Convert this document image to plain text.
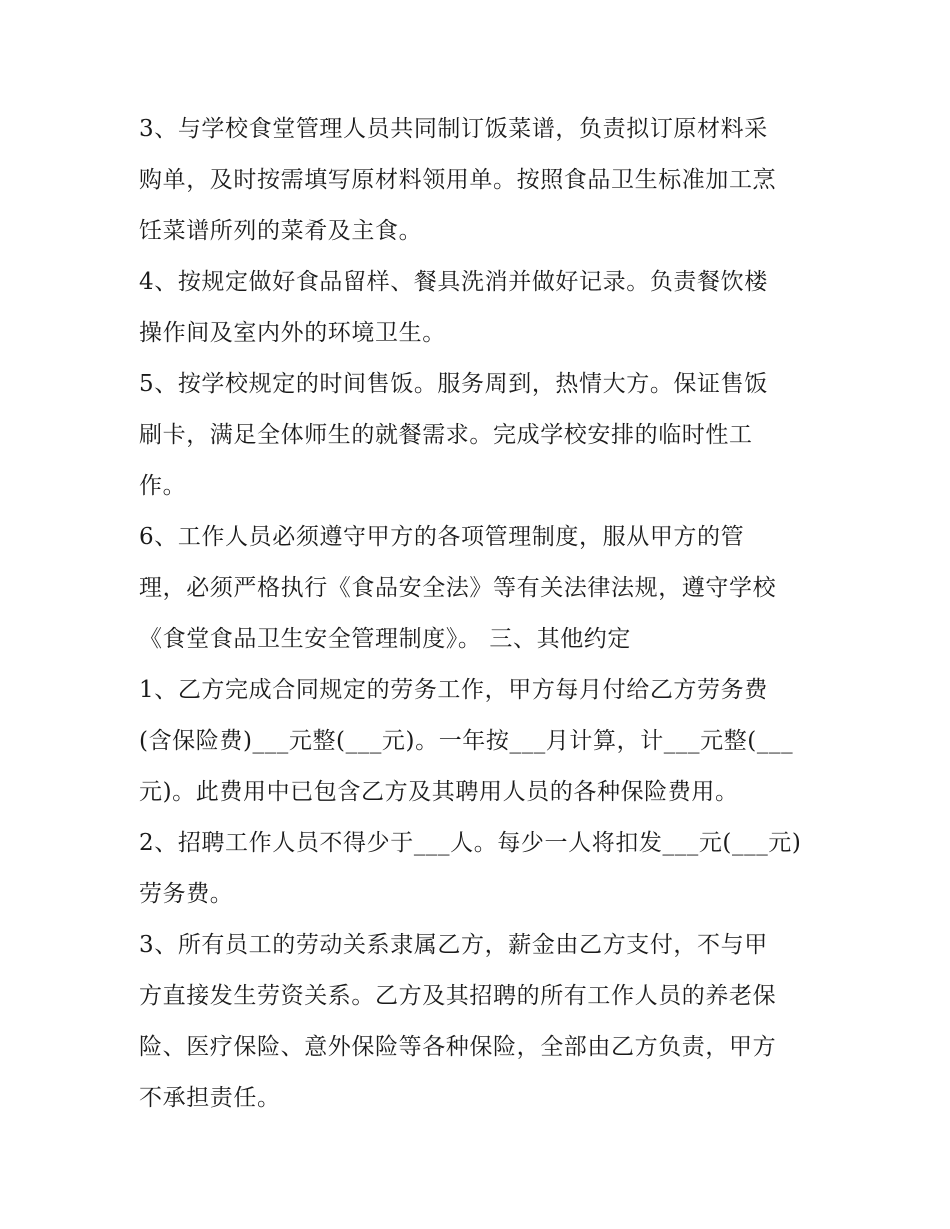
3、与学校食堂管理人员共同制订饭菜谱，负责拟订原材料采
购单，及时按需填写原材料领用单。按照食品卫生标准加工烹
饪菜谱所列的菜肴及主食。
4、按规定做好食品留样、餐具洗消并做好记录。负责餐饮楼
操作间及室内外的环境卫生。
5、按学校规定的时间售饭。服务周到，热情大方。保证售饭
刷卡，满足全体师生的就餐需求。完成学校安排的临时性工
作。
6、工作人员必须遵守甲方的各项管理制度，服从甲方的管
理，必须严格执行《食品安全法》等有关法律法规，遵守学校
《食堂食品卫生安全管理制度》。 三、其他约定
1、乙方完成合同规定的劳务工作，甲方每月付给乙方劳务费
(含保险费)___元整(___元)。一年按___月计算，计___元整(___
元)。此费用中已包含乙方及其聘用人员的各种保险费用。
2、招聘工作人员不得少于___人。每少一人将扣发___元(___元)
劳务费。
3、所有员工的劳动关系隶属乙方，薪金由乙方支付，不与甲
方直接发生劳资关系。乙方及其招聘的所有工作人员的养老保
险、医疗保险、意外保险等各种保险，全部由乙方负责，甲方
不承担责任。
